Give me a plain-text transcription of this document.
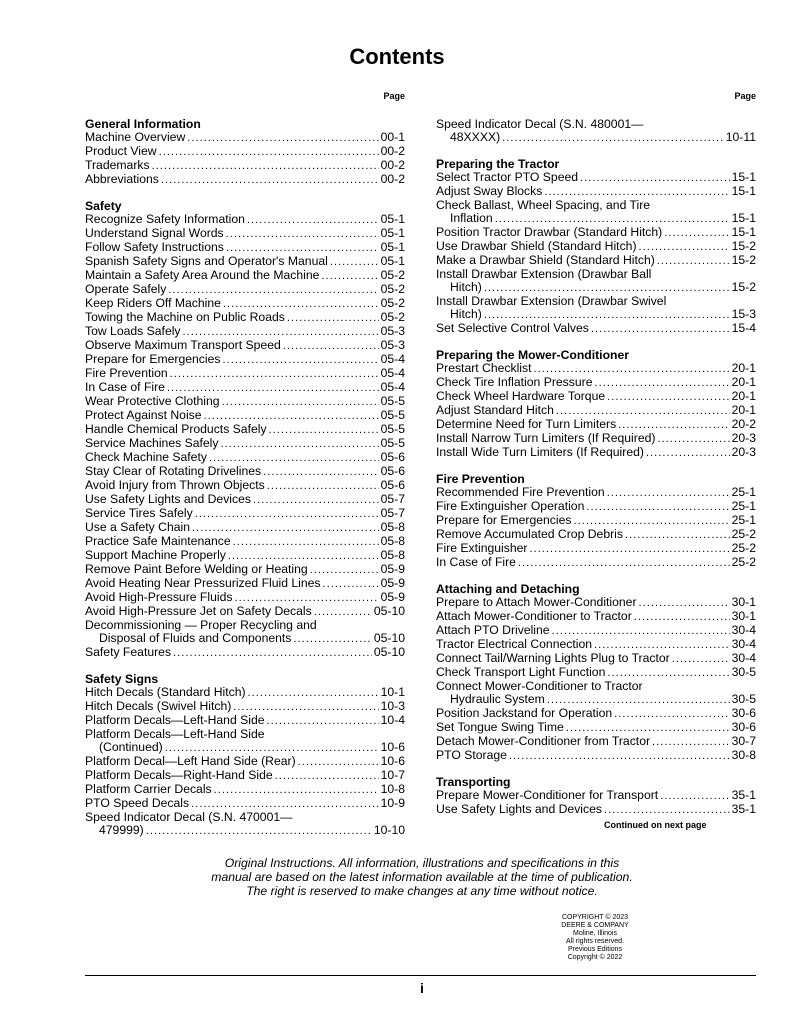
Contents
Page
General Information
Machine Overview . . .	00-1
Product View . . .	00-2
Trademarks . . .	00-2
Abbreviations . . .	00-2
Safety
Recognize Safety Information . . .	05-1
Understand Signal Words . . .	05-1
Follow Safety Instructions . . .	05-1
Spanish Safety Signs and Operator's Manual . . .	05-1
Maintain a Safety Area Around the Machine . . .	05-2
Operate Safely . . .	05-2
Keep Riders Off Machine . . .	05-2
Towing the Machine on Public Roads . . .	05-2
Tow Loads Safely . . .	05-3
Observe Maximum Transport Speed . . .	05-3
Prepare for Emergencies . . .	05-4
Fire Prevention . . .	05-4
In Case of Fire . . .	05-4
Wear Protective Clothing . . .	05-5
Protect Against Noise . . .	05-5
Handle Chemical Products Safely . . .	05-5
Service Machines Safely . . .	05-5
Check Machine Safety . . .	05-6
Stay Clear of Rotating Drivelines . . .	05-6
Avoid Injury from Thrown Objects . . .	05-6
Use Safety Lights and Devices . . .	05-7
Service Tires Safely . . .	05-7
Use a Safety Chain . . .	05-8
Practice Safe Maintenance . . .	05-8
Support Machine Properly . . .	05-8
Remove Paint Before Welding or Heating . . .	05-9
Avoid Heating Near Pressurized Fluid Lines . . .	05-9
Avoid High-Pressure Fluids . . .	05-9
Avoid High-Pressure Jet on Safety Decals . . .	05-10
Decommissioning — Proper Recycling and
Disposal of Fluids and Components . . .	05-10
Safety Features . . .	05-10
Safety Signs
Hitch Decals (Standard Hitch) . . .	10-1
Hitch Decals (Swivel Hitch) . . .	10-3
Platform Decals—Left-Hand Side . . .	10-4
Platform Decals—Left-Hand Side
(Continued) . . .	10-6
Platform Decal—Left Hand Side (Rear) . . .	10-6
Platform Decals—Right-Hand Side . . .	10-7
Platform Carrier Decals . . .	10-8
PTO Speed Decals . . .	10-9
Speed Indicator Decal (S.N. 470001—
479999) . . .	10-10
Page
Speed Indicator Decal (S.N. 480001—
48XXXX) . . .	10-11
Preparing the Tractor
Select Tractor PTO Speed . . .	15-1
Adjust Sway Blocks . . .	15-1
Check Ballast, Wheel Spacing, and Tire
Inflation . . .	15-1
Position Tractor Drawbar (Standard Hitch) . . .	15-1
Use Drawbar Shield (Standard Hitch) . . .	15-2
Make a Drawbar Shield (Standard Hitch) . . .	15-2
Install Drawbar Extension (Drawbar Ball
Hitch) . . .	15-2
Install Drawbar Extension (Drawbar Swivel
Hitch) . . .	15-3
Set Selective Control Valves . . .	15-4
Preparing the Mower-Conditioner
Prestart Checklist . . .	20-1
Check Tire Inflation Pressure . . .	20-1
Check Wheel Hardware Torque . . .	20-1
Adjust Standard Hitch . . .	20-1
Determine Need for Turn Limiters . . .	20-2
Install Narrow Turn Limiters (If Required) . . .	20-3
Install Wide Turn Limiters (If Required) . . .	20-3
Fire Prevention
Recommended Fire Prevention . . .	25-1
Fire Extinguisher Operation . . .	25-1
Prepare for Emergencies . . .	25-1
Remove Accumulated Crop Debris . . .	25-2
Fire Extinguisher . . .	25-2
In Case of Fire . . .	25-2
Attaching and Detaching
Prepare to Attach Mower-Conditioner . . .	30-1
Attach Mower-Conditioner to Tractor . . .	30-1
Attach PTO Driveline . . .	30-4
Tractor Electrical Connection . . .	30-4
Connect Tail/Warning Lights Plug to Tractor . . .	30-4
Check Transport Light Function . . .	30-5
Connect Mower-Conditioner to Tractor
Hydraulic System . . .	30-5
Position Jackstand for Operation . . .	30-6
Set Tongue Swing Time . . .	30-6
Detach Mower-Conditioner from Tractor . . .	30-7
PTO Storage . . .	30-8
Transporting
Prepare Mower-Conditioner for Transport . . .	35-1
Use Safety Lights and Devices . . .	35-1
Continued on next page
Original Instructions. All information, illustrations and specifications in this
manual are based on the latest information available at the time of publication.
The right is reserved to make changes at any time without notice.
COPYRIGHT © 2023
DEERE & COMPANY
Moline, Illinois
All rights reserved.
Previous Editions
Copyright © 2022
i
